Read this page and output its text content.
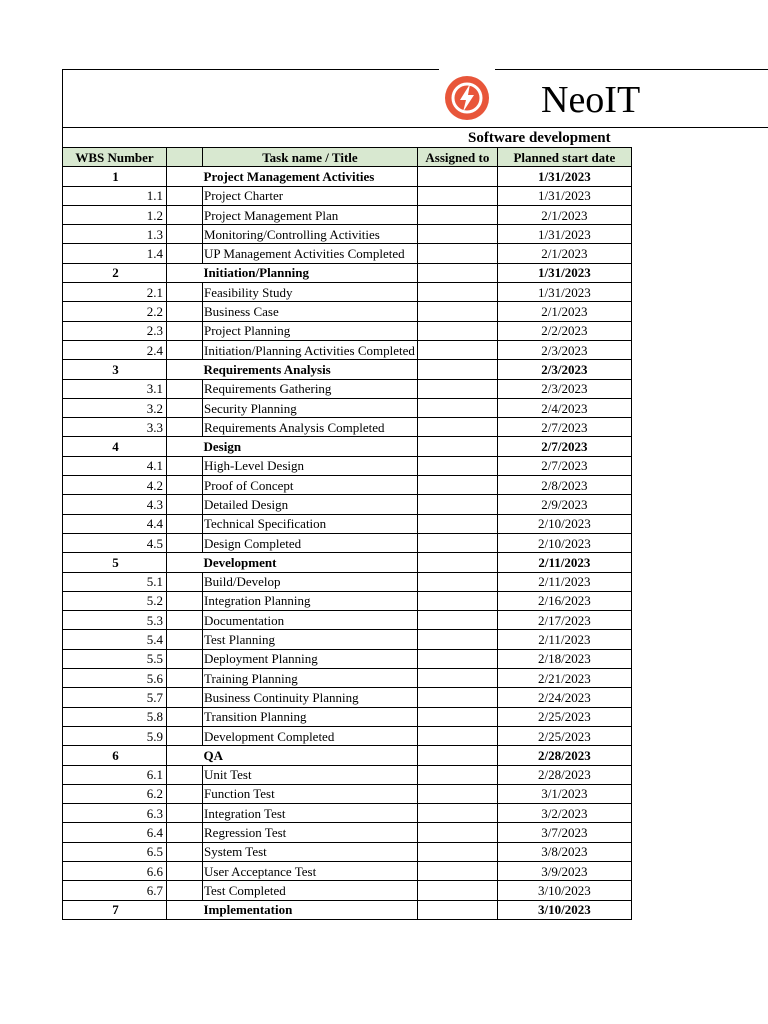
NeoIT
Software development
WBS Number		Task name / Title	Assigned to	Planned start date
1		Project Management Activities		1/31/2023
1.1		Project Charter		1/31/2023
1.2		Project Management Plan		2/1/2023
1.3		Monitoring/Controlling Activities		1/31/2023
1.4		UP Management Activities Completed		2/1/2023
2		Initiation/Planning		1/31/2023
2.1		Feasibility Study		1/31/2023
2.2		Business Case		2/1/2023
2.3		Project Planning		2/2/2023
2.4		Initiation/Planning Activities Completed		2/3/2023
3		Requirements Analysis		2/3/2023
3.1		Requirements Gathering		2/3/2023
3.2		Security Planning		2/4/2023
3.3		Requirements Analysis Completed		2/7/2023
4		Design		2/7/2023
4.1		High-Level Design		2/7/2023
4.2		Proof of Concept		2/8/2023
4.3		Detailed Design		2/9/2023
4.4		Technical Specification		2/10/2023
4.5		Design Completed		2/10/2023
5		Development		2/11/2023
5.1		Build/Develop		2/11/2023
5.2		Integration Planning		2/16/2023
5.3		Documentation		2/17/2023
5.4		Test Planning		2/11/2023
5.5		Deployment Planning		2/18/2023
5.6		Training Planning		2/21/2023
5.7		Business Continuity Planning		2/24/2023
5.8		Transition Planning		2/25/2023
5.9		Development Completed		2/25/2023
6		QA		2/28/2023
6.1		Unit Test		2/28/2023
6.2		Function Test		3/1/2023
6.3		Integration Test		3/2/2023
6.4		Regression Test		3/7/2023
6.5		System Test		3/8/2023
6.6		User Acceptance Test		3/9/2023
6.7		Test Completed		3/10/2023
7		Implementation		3/10/2023
